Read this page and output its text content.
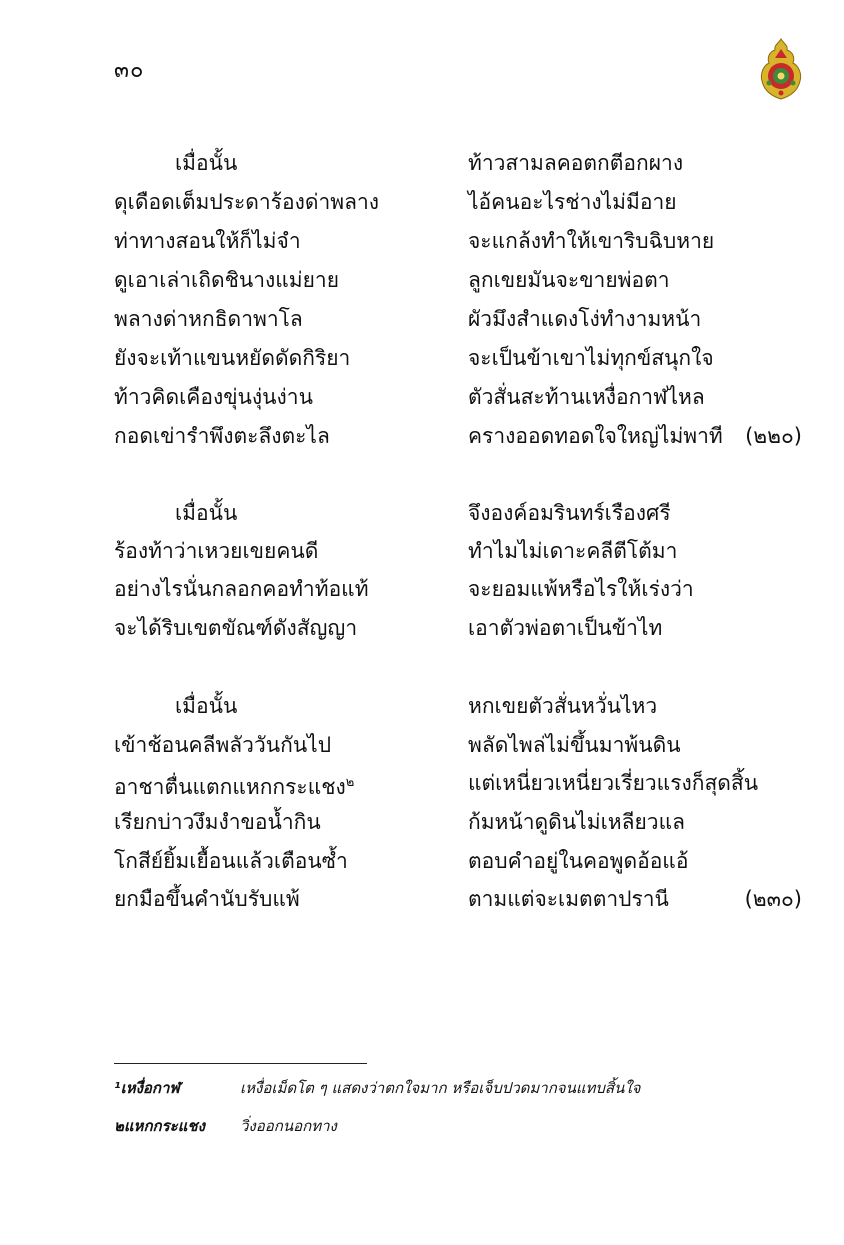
๓๐
เมื่อนั้น	ท้าวสามลคอตกตีอกผาง
ดุเดือดเต็มประดาร้องด่าพลาง	ไอ้คนอะไรช่างไม่มีอาย
ท่าทางสอนให้ก็ไม่จำ	จะแกล้งทำให้เขาริบฉิบหาย
ดูเอาเล่าเถิดชินางแม่ยาย	ลูกเขยมันจะขายพ่อตา
พลางด่าหกธิดาพาโล	ผัวมึงสำแดงโง่ทำงามหน้า
ยังจะเท้าแขนหยัดดัดกิริยา	จะเป็นข้าเขาไม่ทุกข์สนุกใจ
ท้าวคิดเคืองขุ่นงุ่นง่าน	ตัวสั่นสะท้านเหงื่อกาฬไหล
กอดเข่ารำพึงตะลึงตะไล	ครางออดทอดใจใหญ่ไม่พาที (๒๒๐)
เมื่อนั้น	จึงองค์อมรินทร์เรืองศรี
ร้องท้าว่าเหวยเขยคนดี	ทำไมไม่เดาะคลีตีโต้มา
อย่างไรนั่นกลอกคอทำท้อแท้	จะยอมแพ้หรือไรให้เร่งว่า
จะได้ริบเขตขัณฑ์ดังสัญญา	เอาตัวพ่อตาเป็นข้าไท
เมื่อนั้น	หกเขยตัวสั่นหวั่นไหว
เข้าช้อนคลีพลัววันกันไป	พลัดไพล่ไม่ขึ้นมาพ้นดิน
อาชาตื่นแตกแหกกระแชง$^๒$	แต่เหนี่ยวเหนี่ยวเรี่ยวแรงก็สุดสิ้น
เรียกบ่าวงึมงำขอน้ำกิน	ก้มหน้าดูดินไม่เหลียวแล
โกสีย์ยิ้มเยื้อนแล้วเตือนซ้ำ	ตอบคำอยู่ในคอพูดอ้อแอ้
ยกมือขึ้นคำนับรับแพ้	ตามแต่จะเมตตาปรานี	(๒๓๐)
¹เหงื่อกาฬ	เหงื่อเม็ดโต ๆ แสดงว่าตกใจมาก หรือเจ็บปวดมากจนแทบสิ้นใจ
๒แหกกระแชง วิ่งออกนอกทาง
